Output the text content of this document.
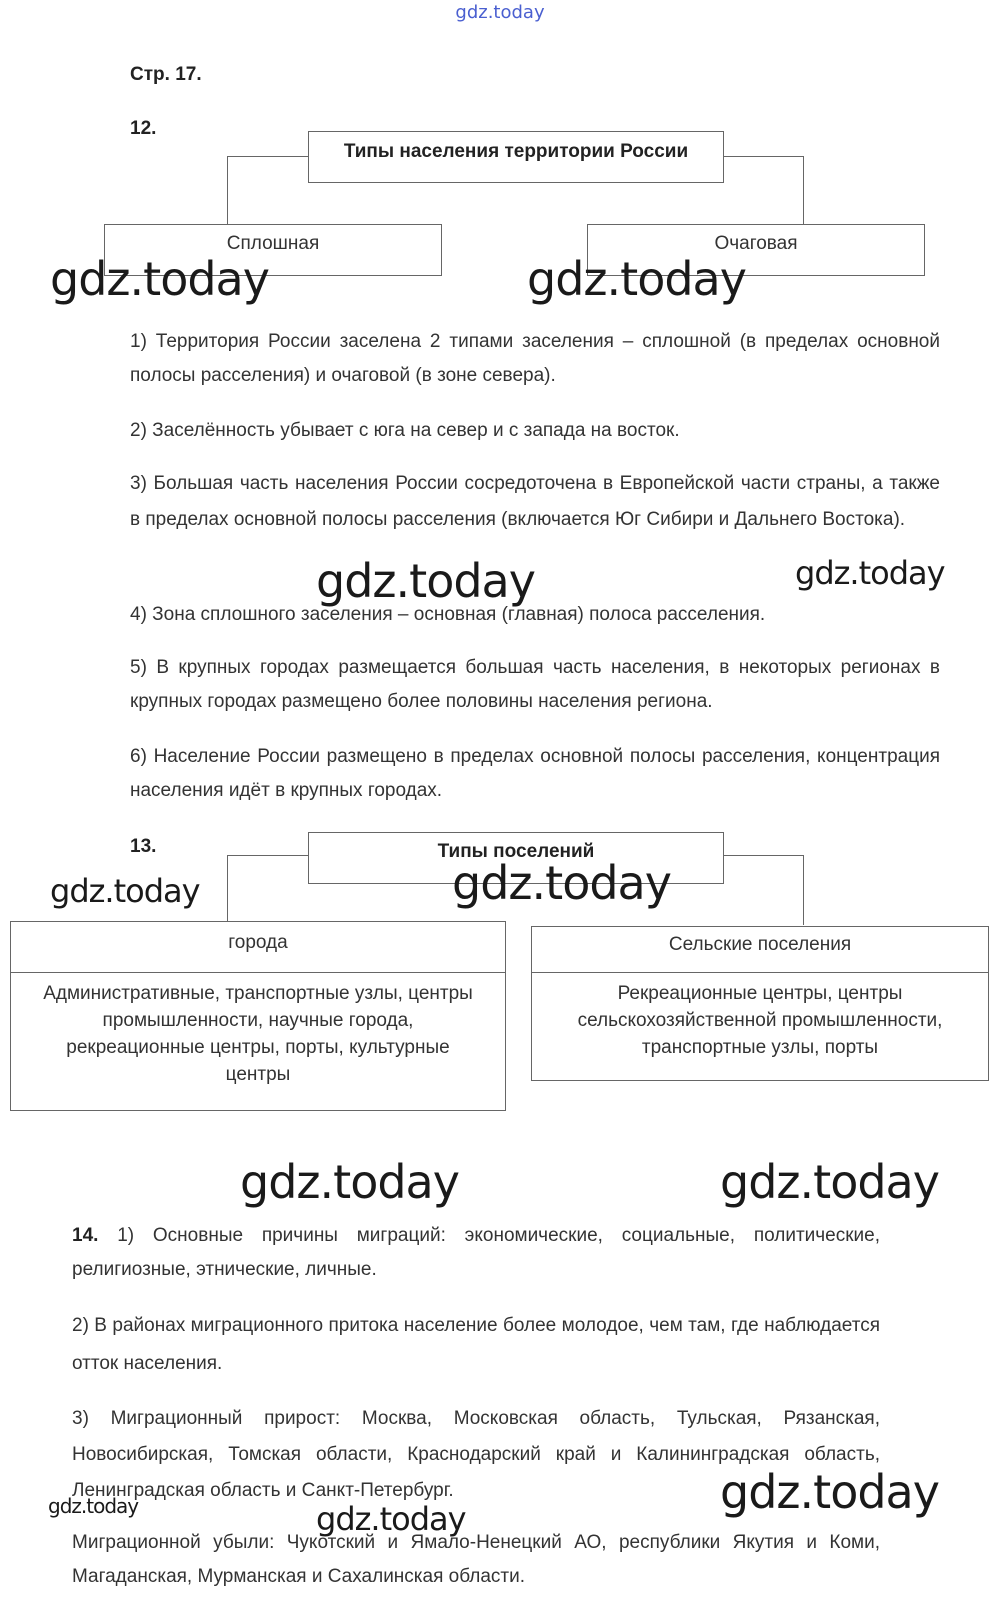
gdz.today
Стр. 17.
12.
Типы населения территории России
Сплошная	Очаговая
1) Территория России заселена 2 типами заселения – сплошной (в пределах основной полосы расселения) и очаговой (в зоне севера).
2) Заселённость убывает с юга на север и с запада на восток.
3) Большая часть населения России сосредоточена в Европейской части страны, а также в пределах основной полосы расселения (включается Юг Сибири и Дальнего Востока).
4) Зона сплошного заселения – основная (главная) полоса расселения.
5) В крупных городах размещается большая часть населения, в некоторых регионах в крупных городах размещено более половины населения региона.
6) Население России размещено в пределах основной полосы расселения, концентрация населения идёт в крупных городах.
13.	Типы поселений
города
Административные, транспортные узлы, центры промышленности, научные города, рекреационные центры, порты, культурные центры
Сельские поселения
Рекреационные центры, центры сельскохозяйственной промышленности, транспортные узлы, порты
14. 1) Основные причины миграций: экономические, социальные, политические, религиозные, этнические, личные.
2) В районах миграционного притока население более молодое, чем там, где наблюдается отток населения.
3) Миграционный прирост: Москва, Московская область, Тульская, Рязанская, Новосибирская, Томская области, Краснодарский край и Калининградская область, Ленинградская область и Санкт-Петербург.
Миграционной убыли: Чукотский и Ямало-Ненецкий АО, республики Якутия и Коми, Магаданская, Мурманская и Сахалинская области.
gdz.today	gdz.today
gdz.today	gdz.today
gdz.today	gdz.today
gdz.today	gdz.today
gdz.today
gdz.today
gdz.today
